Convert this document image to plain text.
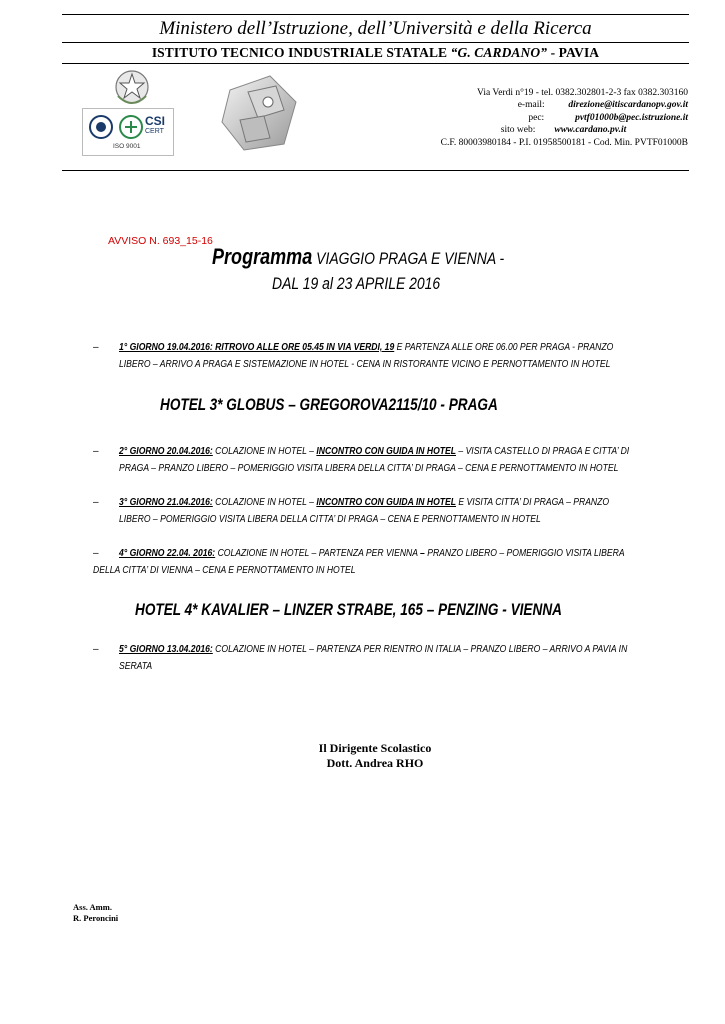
Ministero dell’Istruzione, dell’Università e della Ricerca
ISTITUTO TECNICO INDUSTRIALE STATALE “G. CARDANO” - PAVIA
CSI
CERT
ISO 9001
Via Verdi n°19 - tel. 0382.302801-2-3 fax 0382.303160
e-mail:	direzione@itiscardanopv.gov.it
pec:	pvtf01000b@pec.istruzione.it
sito web: www.cardano.pv.it
C.F. 80003980184 - P.I. 01958500181 - Cod. Min. PVTF01000B
AVVISO N. 693_15-16
Programma VIAGGIO PRAGA E VIENNA -
DAL 19 al 23 APRILE 2016
– 1° GIORNO 19.04.2016: RITROVO ALLE ORE 05.45 IN VIA VERDI, 19 E PARTENZA ALLE ORE 06.00 PER PRAGA - PRANZO
LIBERO – ARRIVO A PRAGA E SISTEMAZIONE IN HOTEL - CENA IN RISTORANTE VICINO E PERNOTTAMENTO IN HOTEL
HOTEL 3* GLOBUS – GREGOROVA2115/10 - PRAGA
– 2° GIORNO 20.04.2016: COLAZIONE IN HOTEL – INCONTRO CON GUIDA IN HOTEL – VISITA CASTELLO DI PRAGA E CITTA’ DI
PRAGA – PRANZO LIBERO – POMERIGGIO VISITA LIBERA DELLA CITTA’ DI PRAGA – CENA E PERNOTTAMENTO IN HOTEL
– 3° GIORNO 21.04.2016: COLAZIONE IN HOTEL – INCONTRO CON GUIDA IN HOTEL E VISITA CITTA’ DI PRAGA – PRANZO
LIBERO – POMERIGGIO VISITA LIBERA DELLA CITTA’ DI PRAGA – CENA E PERNOTTAMENTO IN HOTEL
– 4° GIORNO 22.04. 2016: COLAZIONE IN HOTEL – PARTENZA PER VIENNA – PRANZO LIBERO – POMERIGGIO VISITA LIBERA
DELLA CITTA’ DI VIENNA – CENA E PERNOTTAMENTO IN HOTEL
HOTEL 4* KAVALIER – LINZER STRABE, 165 – PENZING - VIENNA
– 5° GIORNO 13.04.2016: COLAZIONE IN HOTEL – PARTENZA PER RIENTRO IN ITALIA – PRANZO LIBERO – ARRIVO A PAVIA IN
SERATA
Il Dirigente Scolastico
Dott. Andrea RHO
Ass. Amm.
R. Peroncini
